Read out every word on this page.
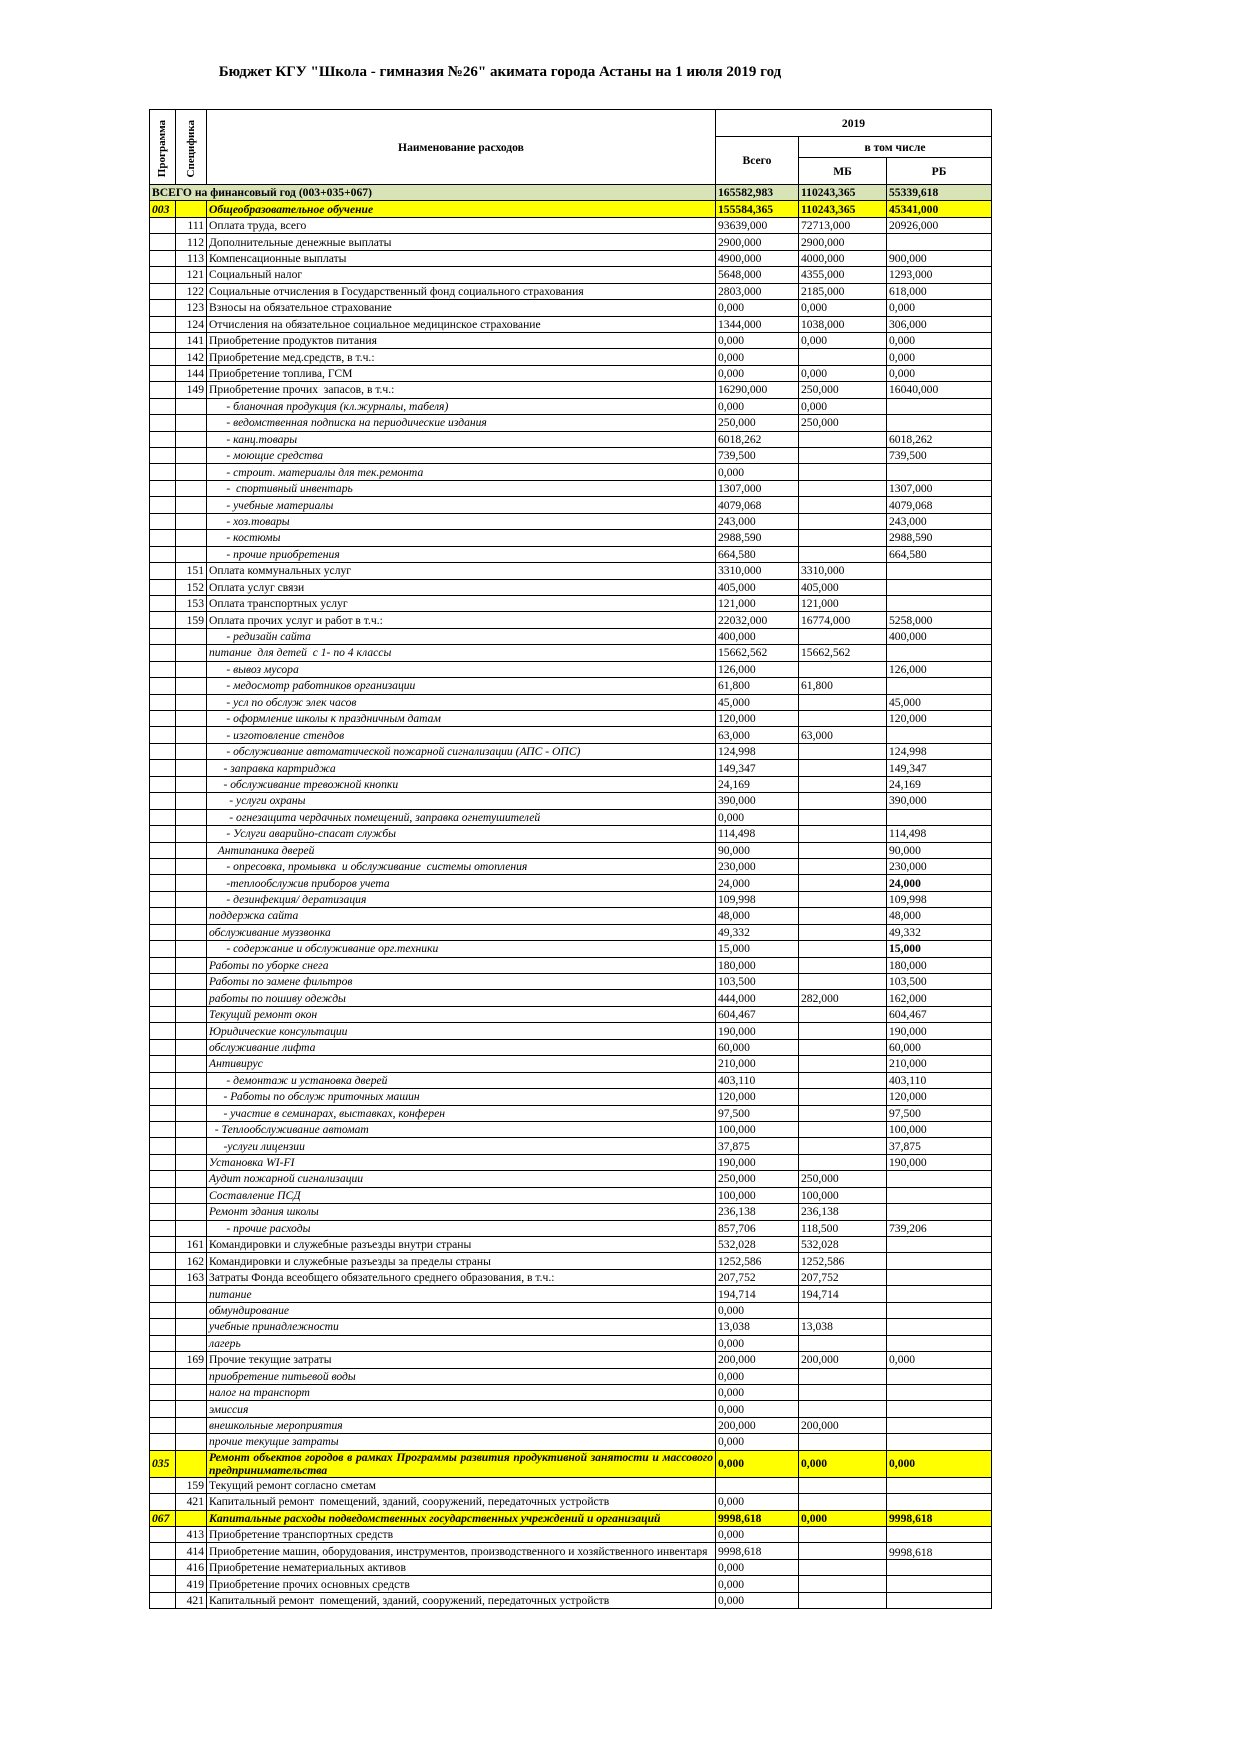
Бюджет КГУ "Школа - гимназия №26" акимата города Астаны на 1 июля 2019 год
Программа	Специфика	Наименование расходов	2019		
			Всего	в том числе	
				МБ	РБ
ВСЕГО на финансовый год (003+035+067)			165582,983	110243,365	55339,618
003		Общеобразовательное обучение	155584,365	110243,365	45341,000
	111	Оплата труда, всего	93639,000	72713,000	20926,000
	112	Дополнительные денежные выплаты	2900,000	2900,000	
	113	Компенсационные выплаты	4900,000	4000,000	900,000
	121	Социальный налог	5648,000	4355,000	1293,000
	122	Социальные отчисления в Государственный фонд социального страхования	2803,000	2185,000	618,000
	123	Взносы на обязательное страхование	0,000	0,000	0,000
	124	Отчисления на обязательное социальное медицинское страхование	1344,000	1038,000	306,000
	141	Приобретение продуктов питания	0,000	0,000	0,000
	142	Приобретение мед.средств, в т.ч.:	0,000		0,000
	144	Приобретение топлива, ГСМ	0,000	0,000	0,000
	149	Приобретение прочих  запасов, в т.ч.:	16290,000	250,000	16040,000
		- бланочная продукция (кл.журналы, табеля)	0,000	0,000	
		- ведомственная подписка на периодические издания	250,000	250,000	
		- канц.товары	6018,262		6018,262
		- моющие средства	739,500		739,500
		- строит. материалы для тек.ремонта	0,000		
		-  спортивный инвентарь	1307,000		1307,000
		- учебные материалы	4079,068		4079,068
		- хоз.товары	243,000		243,000
		- костюмы	2988,590		2988,590
		- прочие приобретения	664,580		664,580
	151	Оплата коммунальных услуг	3310,000	3310,000	
	152	Оплата услуг связи	405,000	405,000	
	153	Оплата транспортных услуг	121,000	121,000	
	159	Оплата прочих услуг и работ в т.ч.:	22032,000	16774,000	5258,000
		- редизайн сайта	400,000		400,000
		питание  для детей  с 1- по 4 классы	15662,562	15662,562	
		- вывоз мусора	126,000		126,000
		- медосмотр работников организации	61,800	61,800	
		- усл по обслуж элек часов	45,000		45,000
		- оформление школы к праздничным датам	120,000		120,000
		- изготовление стендов	63,000	63,000	
		- обслуживание автоматической пожарной сигнализации (АПС - ОПС)	124,998		124,998
		- заправка картриджа	149,347		149,347
		- обслуживание тревожной кнопки	24,169		24,169
		- услуги охраны	390,000		390,000
		- огнезащита чердачных помещений, заправка огнетушителей	0,000		
		- Услуги аварийно-спасат службы	114,498		114,498
		Антипаника дверей	90,000		90,000
		- опресовка, промывка  и обслуживание  системы отопления	230,000		230,000
		-теплообслужив приборов учета	24,000		24,000
		- дезинфекция/ дератизация	109,998		109,998
		поддержка сайта	48,000		48,000
		обслуживание муззвонка	49,332		49,332
		- содержание и обслуживание орг.техники	15,000		15,000
		Работы по уборке снега	180,000		180,000
		Работы по замене фильтров	103,500		103,500
		работы по пошиву одежды	444,000	282,000	162,000
		Текущий ремонт окон	604,467		604,467
		Юридические консультации	190,000		190,000
		обслуживание лифта	60,000		60,000
		Антивирус	210,000		210,000
		- демонтаж и установка дверей	403,110		403,110
		- Работы по обслуж приточных машин	120,000		120,000
		- участие в семинарах, выставках, конферен	97,500		97,500
		- Теплообслуживание автомат	100,000		100,000
		-услуги лицензии	37,875		37,875
		Установка WI-FI	190,000		190,000
		Аудит пожарной сигнализации	250,000	250,000	
		Составление ПСД	100,000	100,000	
		Ремонт здания школы	236,138	236,138	
		- прочие расходы	857,706	118,500	739,206
	161	Командировки и служебные разъезды внутри страны	532,028	532,028	
	162	Командировки и служебные разъезды за пределы страны	1252,586	1252,586	
	163	Затраты Фонда всеобщего обязательного среднего образования, в т.ч.:	207,752	207,752	
		питание	194,714	194,714	
		обмундирование	0,000		
		учебные принадлежности	13,038	13,038	
		лагерь	0,000		
	169	Прочие текущие затраты	200,000	200,000	0,000
		приобретение питьевой воды	0,000		
		налог на транспорт	0,000		
		эмиссия	0,000		
		внешкольные мероприятия	200,000	200,000	
		прочие текущие затраты	0,000		
035		Ремонт объектов городов в рамках Программы развития продуктивной занятости и массового предпринимательства	0,000	0,000	0,000
	159	Текущий ремонт согласно сметам			
	421	Капитальный ремонт  помещений, зданий, сооружений, передаточных устройств	0,000		
067		Капитальные расходы подведомственных государственных учреждений и организаций	9998,618	0,000	9998,618
	413	Приобретение транспортных средств	0,000		
	414	Приобретение машин, оборудования, инструментов, производственного и хозяйственного инвентаря	9998,618		9998,618
	416	Приобретение нематериальных активов	0,000		
	419	Приобретение прочих основных средств	0,000		
	421	Капитальный ремонт  помещений, зданий, сооружений, передаточных устройств	0,000		
